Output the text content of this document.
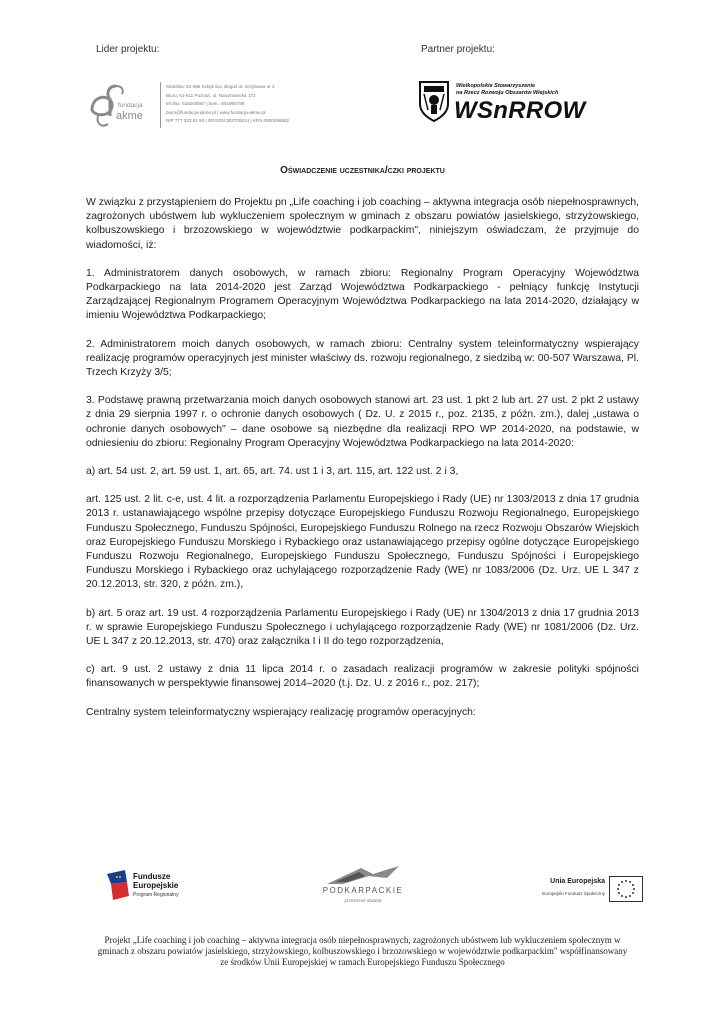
Lider projektu:	Partner projektu:
fundacja
akme
Siedziba: 52-986 Kobylnica, Boguś ul. Grzybowa nr 4
Biuro: 61-611 Poznań, ul. Naramowicka 172
tel./fax: 618260067 | kom.: 601990789
biuro@fundacja-akme.pl | www.fundacja-akme.pl
NIP 777 323 81 50 | REGON 302700614 | KRS 0000495852
Wielkopolskie Stowarzyszenie
na Rzecz Rozwoju Obszarów Wiejskich
WSnRROW
Oświadczenie uczestnika/czki projektu

W związku z przystąpieniem do Projektu pn „Life coaching i job coaching – aktywna integracja osób niepełnosprawnych, zagrożonych ubóstwem lub wykluczeniem społecznym w gminach z obszaru powiatów jasielskiego, strzyżowskiego, kolbuszowskiego i brzozowskiego w województwie podkarpackim", niniejszym oświadczam, że przyjmuje do wiadomości, iż:

1. Administratorem danych osobowych, w ramach zbioru: Regionalny Program Operacyjny Województwa Podkarpackiego na lata 2014-2020 jest Zarząd Województwa Podkarpackiego - pełniący funkcję Instytucji Zarządzającej Regionalnym Programem Operacyjnym Województwa Podkarpackiego na lata 2014-2020, działający w imieniu Województwa Podkarpackiego;

2. Administratorem moich danych osobowych, w ramach zbioru: Centralny system teleinformatyczny wspierający realizację programów operacyjnych jest minister właściwy ds. rozwoju regionalnego, z siedzibą w: 00-507 Warszawa, Pl. Trzech Krzyży 3/5;

3. Podstawę prawną przetwarzania moich danych osobowych stanowi art. 23 ust. 1 pkt 2 lub art. 27 ust. 2 pkt 2 ustawy z dnia 29 sierpnia 1997 r. o ochronie danych osobowych ( Dz. U. z 2015 r., poz. 2135, z późn. zm.), dalej „ustawa o ochronie danych osobowych" – dane osobowe są niezbędne dla realizacji RPO WP 2014-2020, na podstawie, w odniesieniu do zbioru: Regionalny Program Operacyjny Województwa Podkarpackiego na lata 2014-2020:

a) art. 54 ust. 2, art. 59 ust. 1, art. 65, art. 74. ust 1 i 3, art. 115, art. 122 ust. 2 i 3,

art. 125 ust. 2 lit. c-e, ust. 4 lit. a rozporządzenia Parlamentu Europejskiego i Rady (UE) nr 1303/2013 z dnia 17 grudnia 2013 r. ustanawiającego wspólne przepisy dotyczące Europejskiego Funduszu Rozwoju Regionalnego, Europejskiego Funduszu Społecznego, Funduszu Spójności, Europejskiego Funduszu Rolnego na rzecz Rozwoju Obszarów Wiejskich oraz Europejskiego Funduszu Morskiego i Rybackiego oraz ustanawiającego przepisy ogólne dotyczące Europejskiego Funduszu Rozwoju Regionalnego, Europejskiego Funduszu Społecznego, Funduszu Spójności i Europejskiego Funduszu Morskiego i Rybackiego oraz uchylającego rozporządzenie Rady (WE) nr 1083/2006 (Dz. Urz. UE L 347 z 20.12.2013, str. 320, z późn. zm.),

b) art. 5 oraz art. 19 ust. 4 rozporządzenia Parlamentu Europejskiego i Rady (UE) nr 1304/2013 z dnia 17 grudnia 2013 r. w sprawie Europejskiego Funduszu Społecznego i uchylającego rozporządzenie Rady (WE) nr 1081/2006 (Dz. Urz. UE L 347 z 20.12.2013, str. 470) oraz załącznika I i II do tego rozporządzenia,

c) art. 9 ust. 2 ustawy z dnia 11 lipca 2014 r. o zasadach realizacji programów w zakresie polityki spójności finansowanych w perspektywie finansowej 2014–2020 (t.j. Dz. U. z 2016 r., poz. 217);

Centralny system teleinformatyczny wspierający realizację programów operacyjnych:

Fundusze
Europejskie
Program Regionalny	PODKARPACKIE
przestrzeń otwarta
Unia Europejska
Europejski Fundusz Społeczny
Projekt „Life coaching i job coaching – aktywna integracja osób niepełnosprawnych, zagrożonych ubóstwem lub wykluczeniem społecznym w gminach z obszaru powiatów jasielskiego, strzyżowskiego, kolbuszowskiego i brzozowskiego w województwie podkarpackim" współfinansowany ze środków Unii Europejskiej w ramach Europejskiego Funduszu Społecznego
